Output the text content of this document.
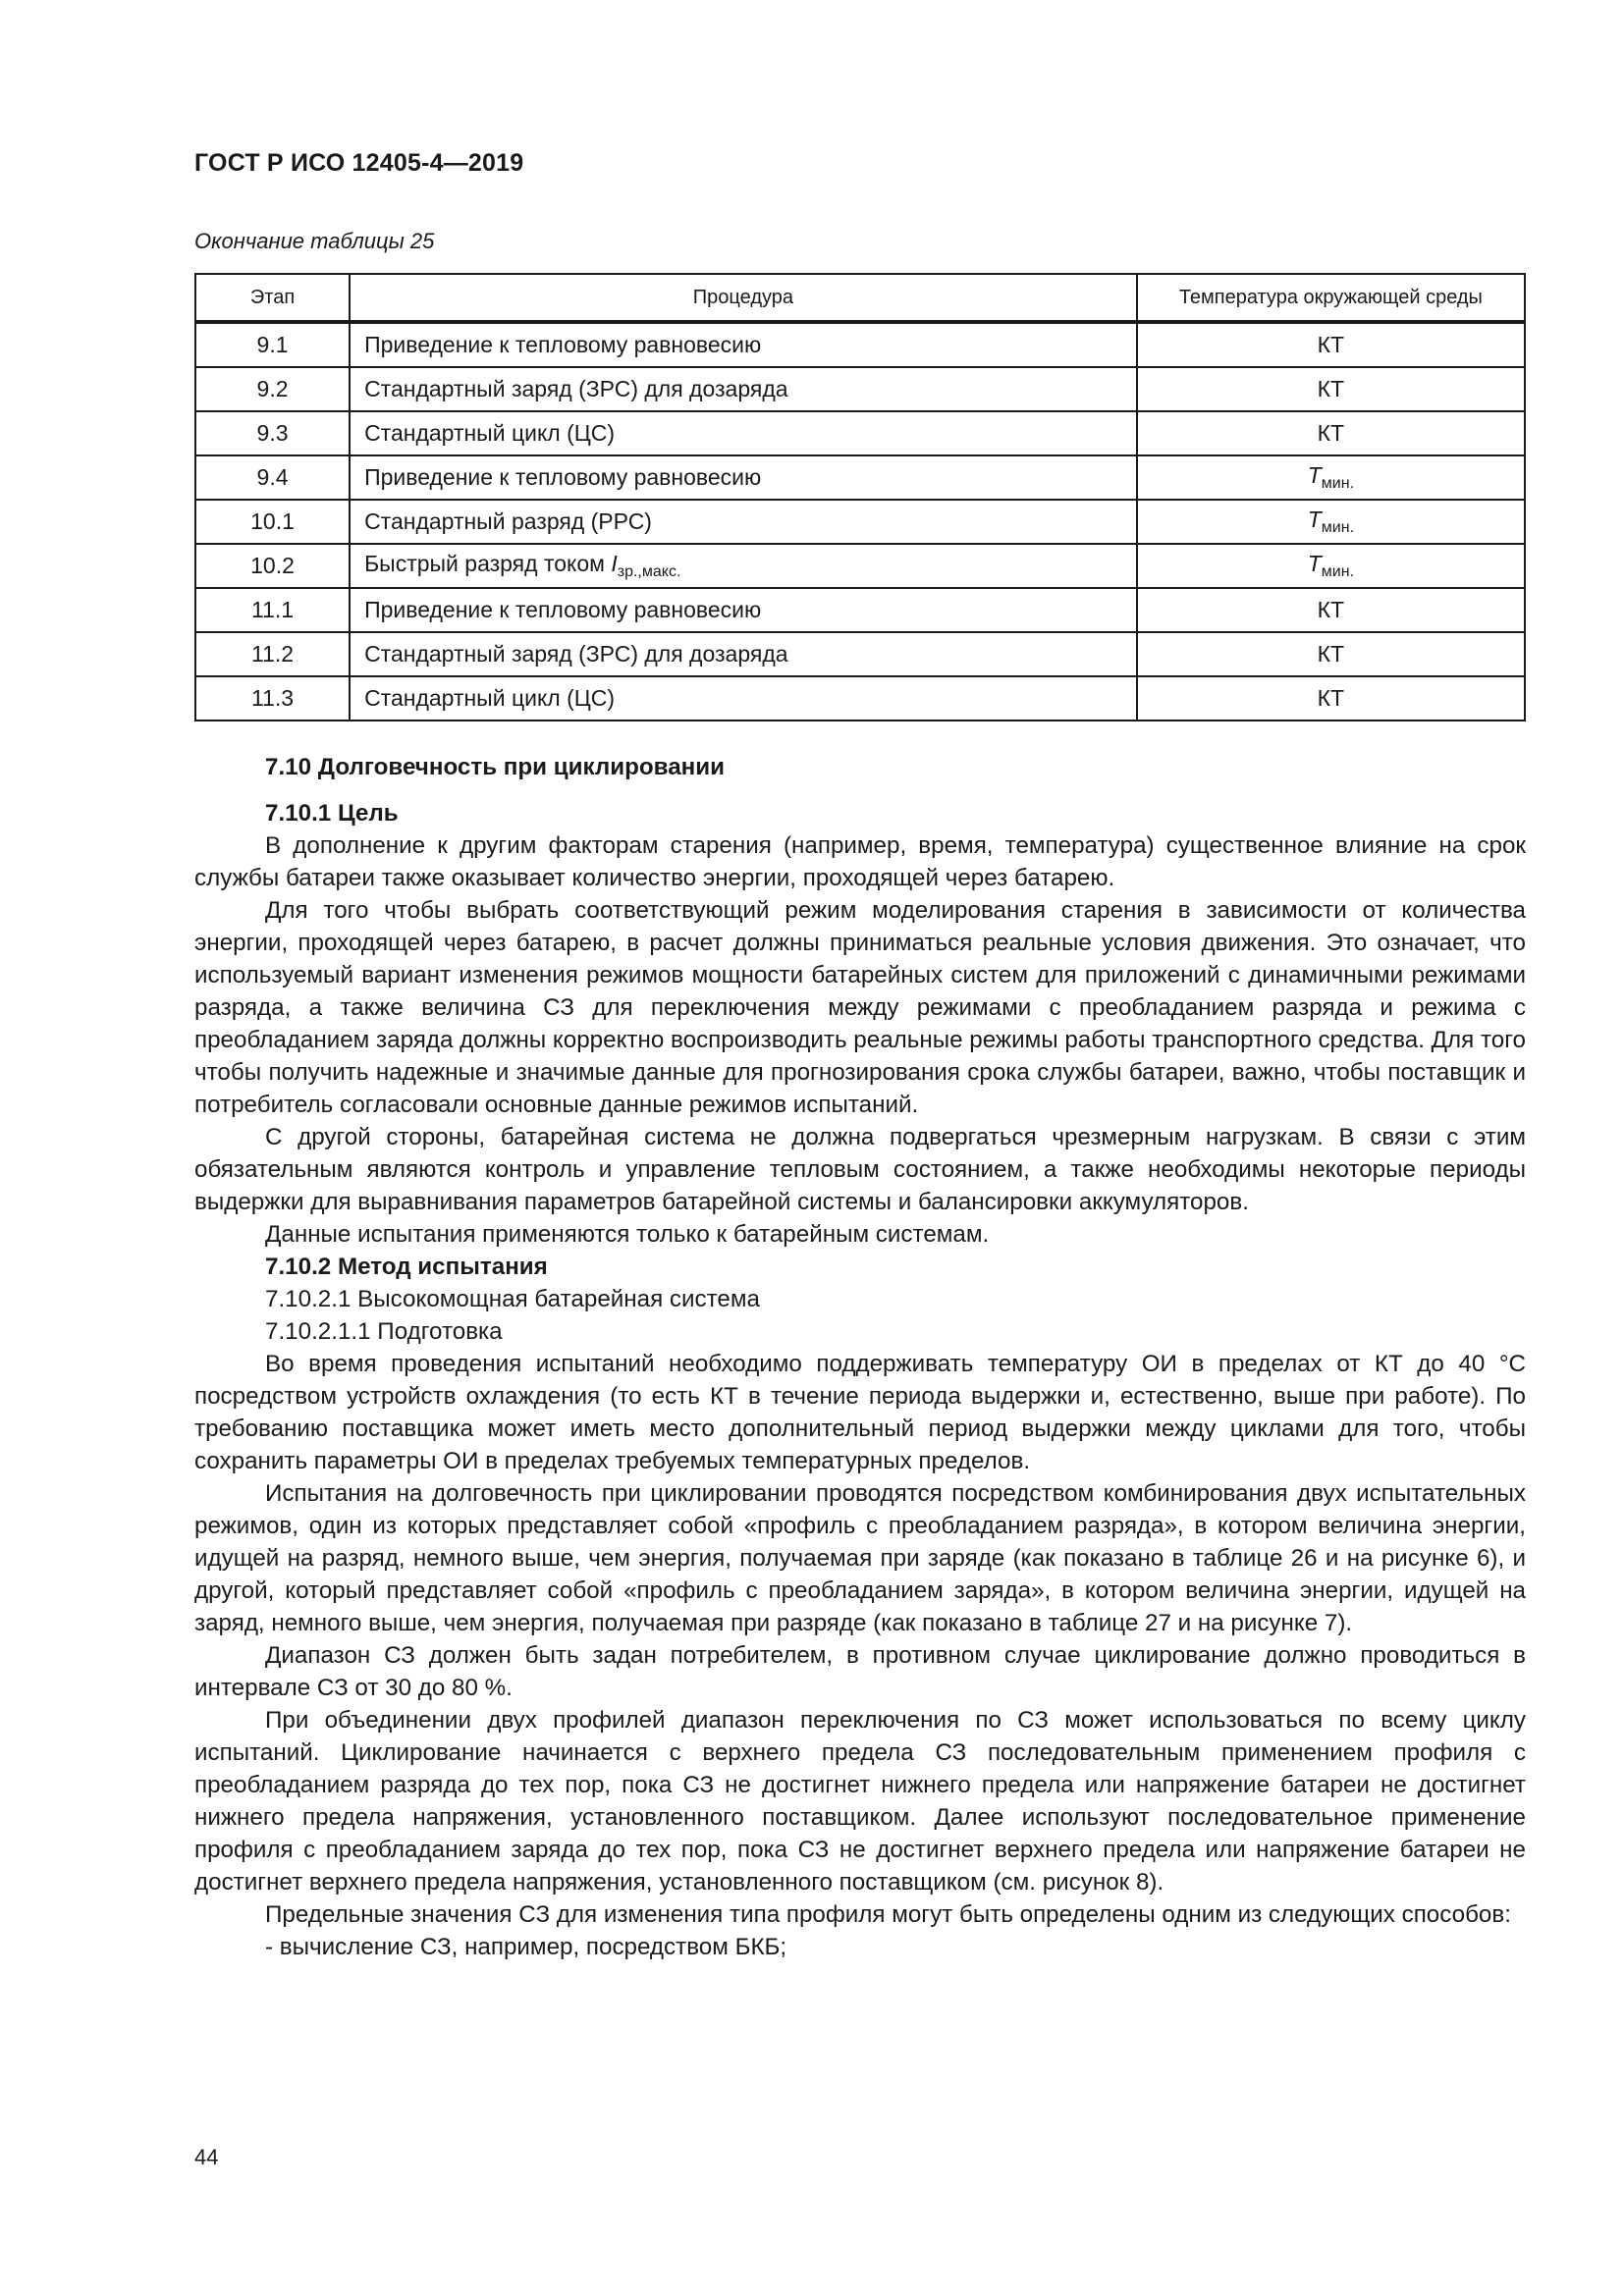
ГОСТ Р ИСО 12405-4—2019
Окончание таблицы 25
Этап	Процедура	Температура окружающей среды
9.1	Приведение к тепловому равновесию	КТ
9.2	Стандартный заряд (ЗРС) для дозаряда	КТ
9.3	Стандартный цикл (ЦС)	КТ
9.4	Приведение к тепловому равновесию	$T_{мин.}$
10.1	Стандартный разряд (РРС)	$T_{мин.}$
10.2	Быстрый разряд током $I_{зр.,макс.}$	$T_{мин.}$
11.1	Приведение к тепловому равновесию	КТ
11.2	Стандартный заряд (ЗРС) для дозаряда	КТ
11.3	Стандартный цикл (ЦС)	КТ

7.10 Долговечность при циклировании

7.10.1 Цель

В дополнение к другим факторам старения (например, время, температура) существенное влияние на срок службы батареи также оказывает количество энергии, проходящей через батарею.

Для того чтобы выбрать соответствующий режим моделирования старения в зависимости от количества энергии, проходящей через батарею, в расчет должны приниматься реальные условия движения. Это означает, что используемый вариант изменения режимов мощности батарейных систем для приложений с динамичными режимами разряда, а также величина СЗ для переключения между режимами с преобладанием разряда и режима с преобладанием заряда должны корректно воспроизводить реальные режимы работы транспортного средства. Для того чтобы получить надежные и значимые данные для прогнозирования срока службы батареи, важно, чтобы поставщик и потребитель согласовали основные данные режимов испытаний.

С другой стороны, батарейная система не должна подвергаться чрезмерным нагрузкам. В связи с этим обязательным являются контроль и управление тепловым состоянием, а также необходимы некоторые периоды выдержки для выравнивания параметров батарейной системы и балансировки аккумуляторов.

Данные испытания применяются только к батарейным системам.

7.10.2 Метод испытания

7.10.2.1 Высокомощная батарейная система

7.10.2.1.1 Подготовка

Во время проведения испытаний необходимо поддерживать температуру ОИ в пределах от КТ до 40 °С посредством устройств охлаждения (то есть КТ в течение периода выдержки и, естественно, выше при работе). По требованию поставщика может иметь место дополнительный период выдержки между циклами для того, чтобы сохранить параметры ОИ в пределах требуемых температурных пределов.

Испытания на долговечность при циклировании проводятся посредством комбинирования двух испытательных режимов, один из которых представляет собой «профиль с преобладанием разряда», в котором величина энергии, идущей на разряд, немного выше, чем энергия, получаемая при заряде (как показано в таблице 26 и на рисунке 6), и другой, который представляет собой «профиль с преобладанием заряда», в котором величина энергии, идущей на заряд, немного выше, чем энергия, получаемая при разряде (как показано в таблице 27 и на рисунке 7).

Диапазон СЗ должен быть задан потребителем, в противном случае циклирование должно проводиться в интервале СЗ от 30 до 80 %.

При объединении двух профилей диапазон переключения по СЗ может использоваться по всему циклу испытаний. Циклирование начинается с верхнего предела СЗ последовательным применением профиля с преобладанием разряда до тех пор, пока СЗ не достигнет нижнего предела или напряжение батареи не достигнет нижнего предела напряжения, установленного поставщиком. Далее используют последовательное применение профиля с преобладанием заряда до тех пор, пока СЗ не достигнет верхнего предела или напряжение батареи не достигнет верхнего предела напряжения, установленного поставщиком (см. рисунок 8).

Предельные значения СЗ для изменения типа профиля могут быть определены одним из следующих способов:

- вычисление СЗ, например, посредством БКБ;

44
